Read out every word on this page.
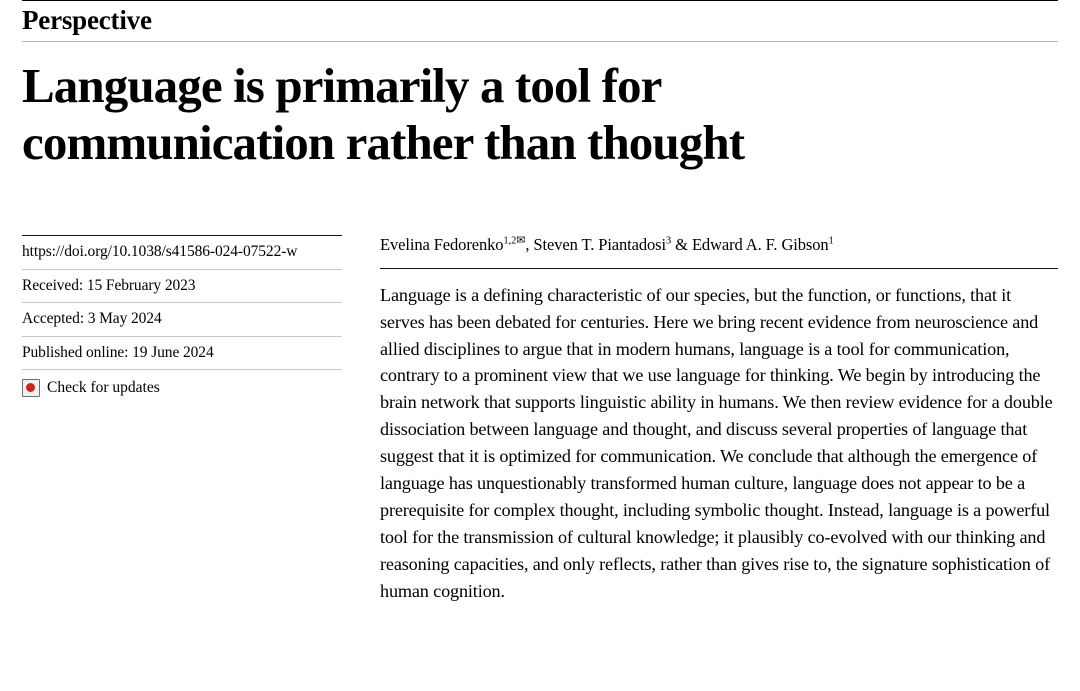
Perspective
Language is primarily a tool for communication rather than thought
https://doi.org/10.1038/s41586-024-07522-w
Received: 15 February 2023
Accepted: 3 May 2024
Published online: 19 June 2024
Check for updates
Evelina Fedorenko$^{1,2✉}$, Steven T. Piantadosi$^3$ & Edward A. F. Gibson$^1$

Language is a defining characteristic of our species, but the function, or functions, that it serves has been debated for centuries. Here we bring recent evidence from neuroscience and allied disciplines to argue that in modern humans, language is a tool for communication, contrary to a prominent view that we use language for thinking. We begin by introducing the brain network that supports linguistic ability in humans. We then review evidence for a double dissociation between language and thought, and discuss several properties of language that suggest that it is optimized for communication. We conclude that although the emergence of language has unquestionably transformed human culture, language does not appear to be a prerequisite for complex thought, including symbolic thought. Instead, language is a powerful tool for the transmission of cultural knowledge; it plausibly co-evolved with our thinking and reasoning capacities, and only reflects, rather than gives rise to, the signature sophistication of human cognition.
